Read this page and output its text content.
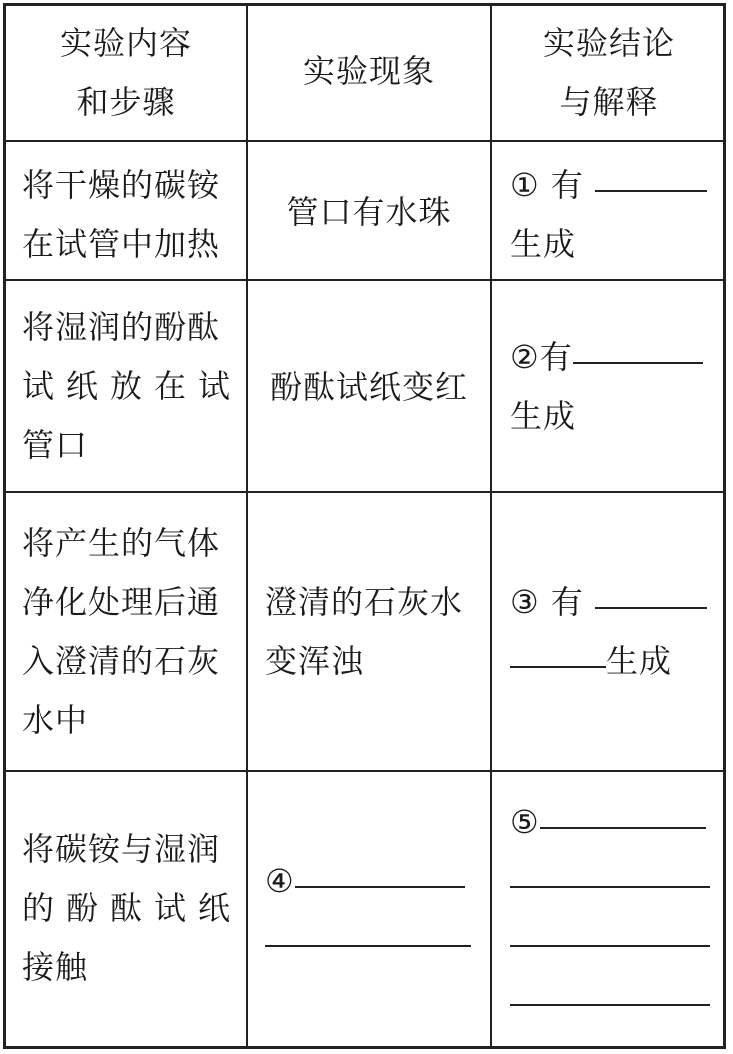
实验内容
和步骤
实验现象
实验结论
与解释
将干燥的碳铵
在试管中加热
管口有水珠
① 有
生成
将湿润的酚酞
试纸放在试
管口
酚酞试纸变红
②有
生成
将产生的气体
净化处理后通
入澄清的石灰
水中
澄清的石灰水
变浑浊
③ 有
生成
将碳铵与湿润
的酚酞试纸
接触
④
⑤
